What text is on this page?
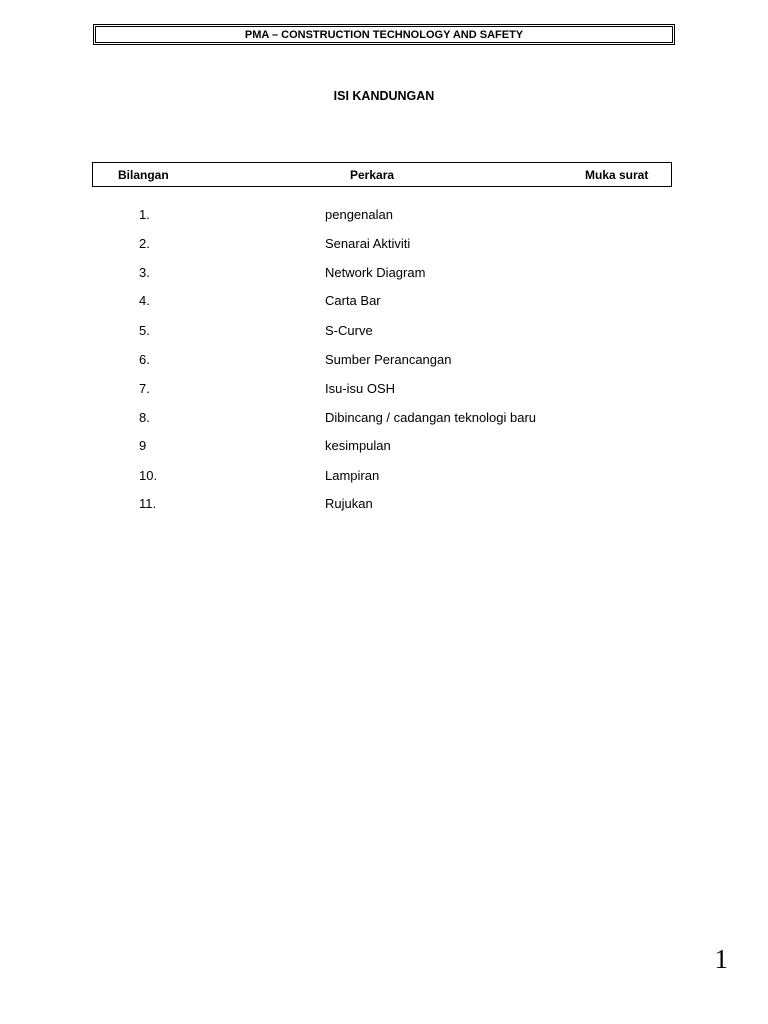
PMA – CONSTRUCTION TECHNOLOGY AND SAFETY
ISI KANDUNGAN
Bilangan	Perkara	Muka surat
1.	pengenalan
2.	Senarai Aktiviti
3.	Network Diagram
4.	Carta Bar
5.	S-Curve
6.	Sumber Perancangan
7.	Isu-isu OSH
8.	Dibincang / cadangan teknologi baru
9	kesimpulan
10.	Lampiran
11.	Rujukan
1
